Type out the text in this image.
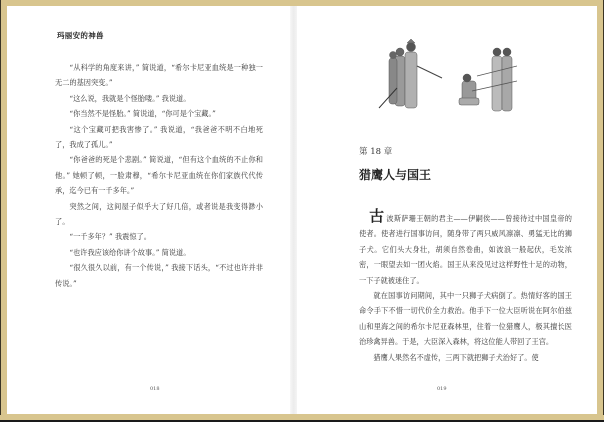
玛丽安的神兽

“从科学的角度来讲，” 简说道，“希尔卡尼亚血统是一种独一无二的基因突变。”

“这么说，我就是个怪胎喽。” 我说道。

“你当然不是怪胎。” 简说道，“你可是个宝藏。”

“这个宝藏可把我害惨了。” 我说道，“我爸爸不明不白地死了，我成了孤儿。”

“你爸爸的死是个悲剧。” 简说道，“但有这个血统的不止你和他。” 她顿了顿，一脸肃穆，“希尔卡尼亚血统在你们家族代代传承，迄今已有一千多年。”

突然之间，这间屋子似乎大了好几倍，或者说是我变得渺小了。

“一千多年？” 我震惊了。

“也许我应该给你讲个故事。” 简说道。

“很久很久以前，有一个传说，” 我接下话头，“不过也许并非传说。”

018
第 18 章
猎鹰人与国王

古波斯萨珊王朝的君主——伊嗣俟——曾接待过中国皇帝的使者。使者进行国事访问，随身带了两只威风凛凛、勇猛无比的狮子犬。它们头大身壮，胡须自然卷曲，如波浪一般起伏，毛发浓密，一眼望去如一团火焰。国王从来没见过这样野性十足的动物，一下子就被迷住了。

就在国事访问期间，其中一只狮子犬病倒了。热情好客的国王命令手下不惜一切代价全力救治。他手下一位大臣听说在阿尔伯兹山和里海之间的希尔卡尼亚森林里，住着一位猎鹰人，极其擅长医治珍禽异兽。于是，大臣深入森林，将这位能人带回了王宫。

猎鹰人果然名不虚传，三两下就把狮子犬治好了。使

019
